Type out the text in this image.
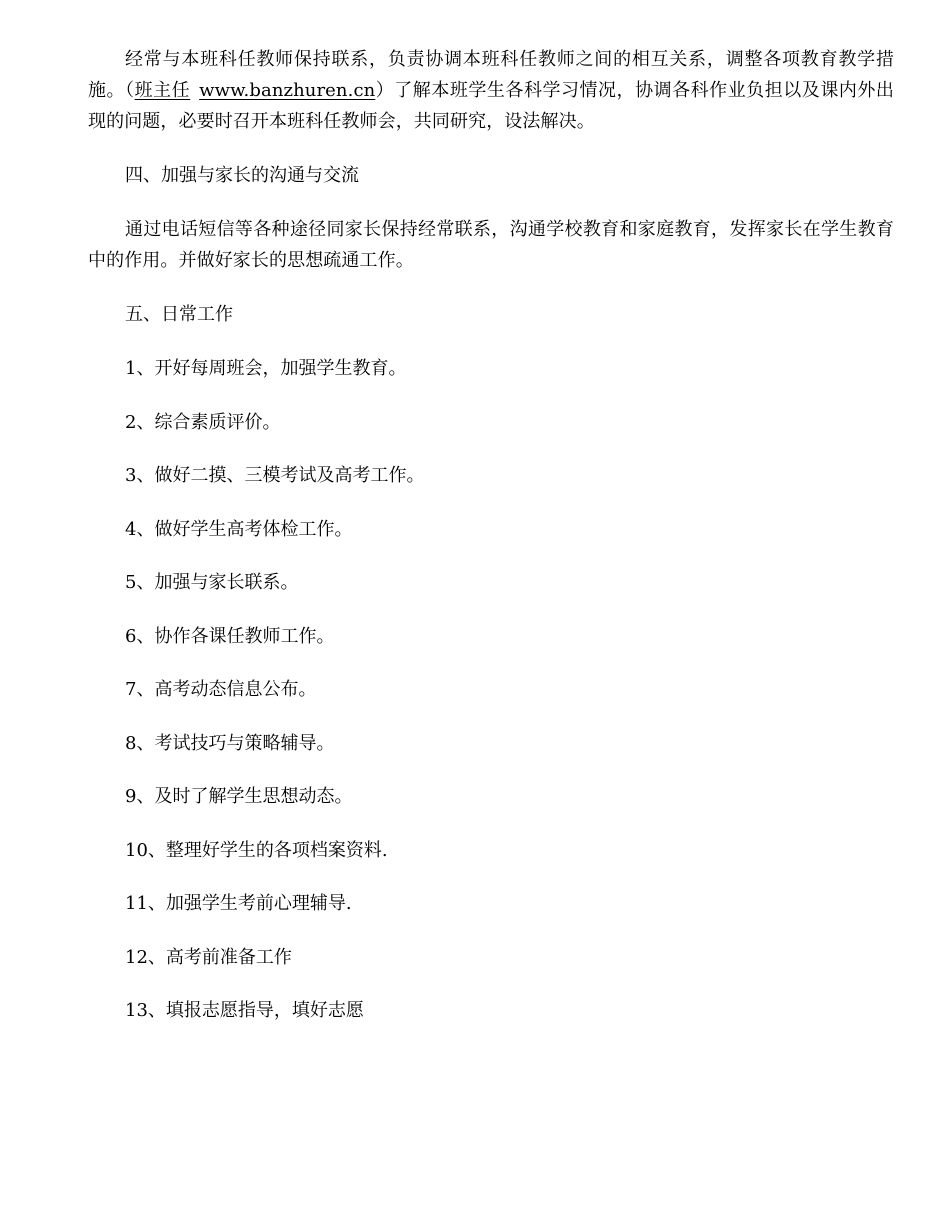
经常与本班科任教师保持联系，负责协调本班科任教师之间的相互关系，调整各项教育教学措施。（班主任 www.banzhuren.cn）了解本班学生各科学习情况，协调各科作业负担以及课内外出现的问题，必要时召开本班科任教师会，共同研究，设法解决。

四、加强与家长的沟通与交流

通过电话短信等各种途径同家长保持经常联系，沟通学校教育和家庭教育，发挥家长在学生教育中的作用。并做好家长的思想疏通工作。

五、日常工作

1、开好每周班会，加强学生教育。

2、综合素质评价。

3、做好二摸、三模考试及高考工作。

4、做好学生高考体检工作。

5、加强与家长联系。

6、协作各课任教师工作。

7、高考动态信息公布。

8、考试技巧与策略辅导。

9、及时了解学生思想动态。

10、整理好学生的各项档案资料.

11、加强学生考前心理辅导.

12、高考前准备工作

13、填报志愿指导，填好志愿
